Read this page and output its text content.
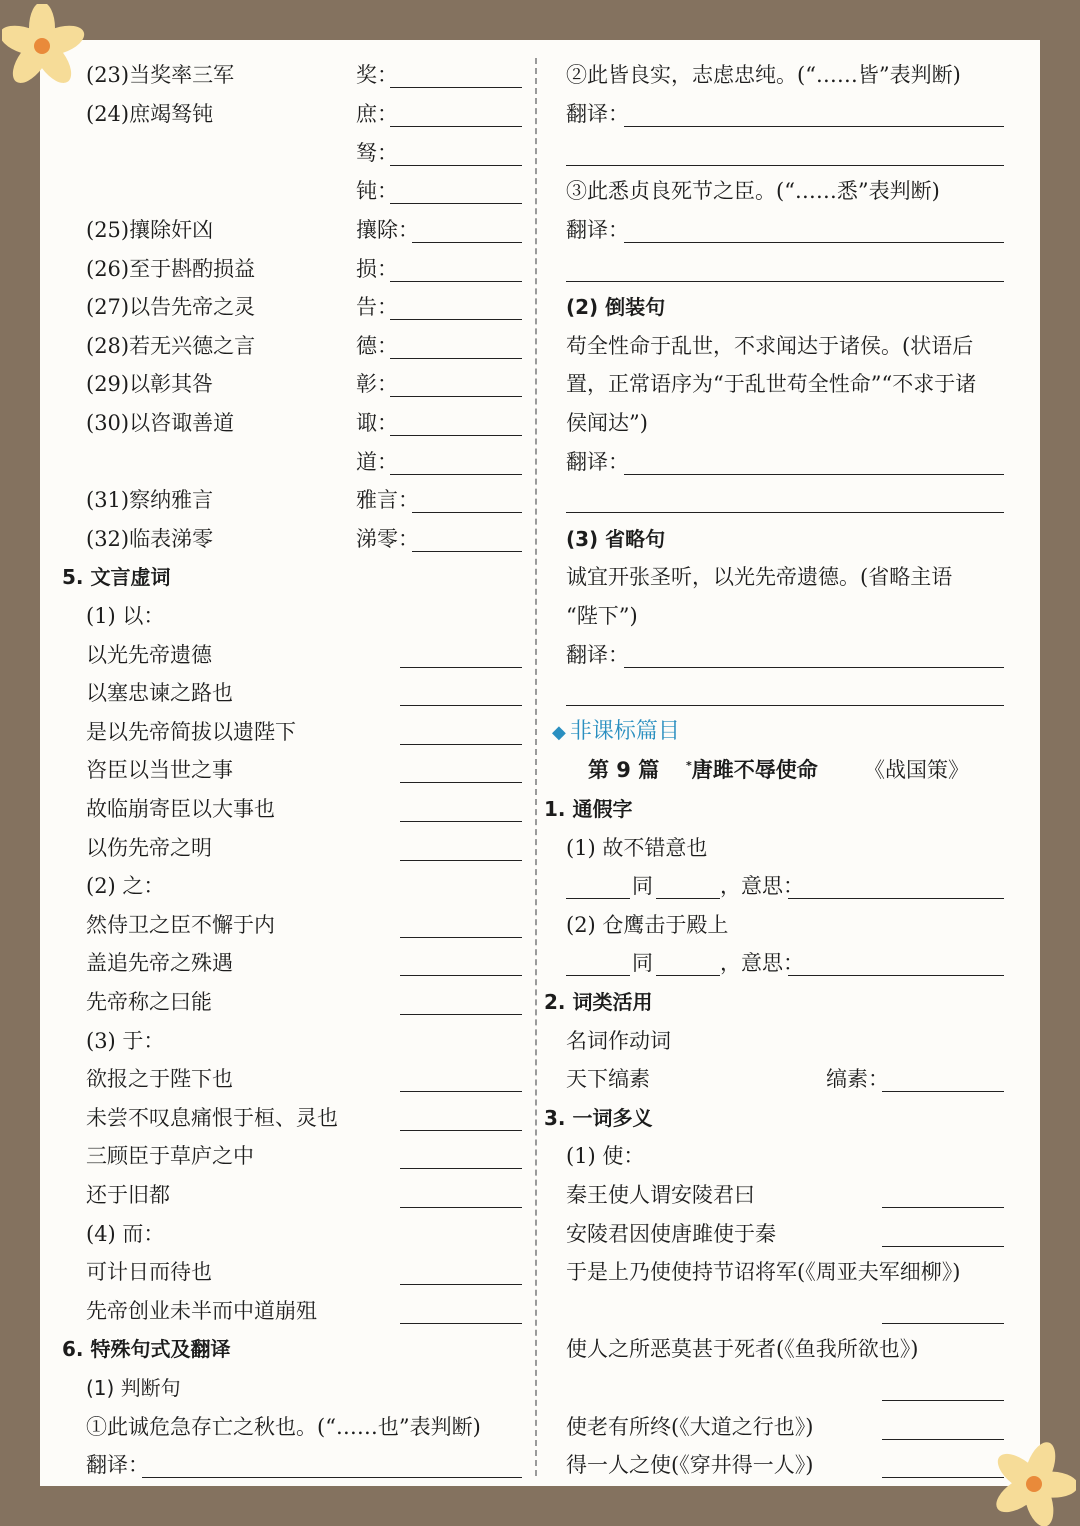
(23)当奖率三军	奖：
(24)庶竭驽钝	庶：
驽：
钝：
(25)攘除奸凶	攘除：
(26)至于斟酌损益	损：
(27)以告先帝之灵	告：
(28)若无兴德之言	德：
(29)以彰其咎	彰：
(30)以咨诹善道	诹：
道：
(31)察纳雅言	雅言：
(32)临表涕零	涕零：
5. 文言虚词
(1) 以：
以光先帝遗德
以塞忠谏之路也
是以先帝简拔以遗陛下
咨臣以当世之事
故临崩寄臣以大事也
以伤先帝之明
(2) 之：
然侍卫之臣不懈于内
盖追先帝之殊遇
先帝称之曰能
(3) 于：
欲报之于陛下也
未尝不叹息痛恨于桓、灵也
三顾臣于草庐之中
还于旧都
(4) 而：
可计日而待也
先帝创业未半而中道崩殂
6. 特殊句式及翻译
(1) 判断句
①此诚危急存亡之秋也。(“……也”表判断)
翻译：
②此皆良实，志虑忠纯。(“……皆”表判断)
翻译：
③此悉贞良死节之臣。(“……悉”表判断)
翻译：
(2) 倒装句
苟全性命于乱世，不求闻达于诸侯。(状语后
置，正常语序为“于乱世苟全性命”“不求于诸
侯闻达”)
翻译：
(3) 省略句
诚宜开张圣听，以光先帝遗德。(省略主语
“陛下”)
翻译：
◆ 非课标篇目
第 9 篇 *唐雎不辱使命 《战国策》
1. 通假字
(1) 故不错意也
同	，意思：
(2) 仓鹰击于殿上
同	，意思：
2. 词类活用
名词作动词
天下缟素	缟素：
3. 一词多义
(1) 使：
秦王使人谓安陵君曰
安陵君因使唐雎使于秦
于是上乃使使持节诏将军(《周亚夫军细柳》)
使人之所恶莫甚于死者(《鱼我所欲也》)
使老有所终(《大道之行也》)
得一人之使(《穿井得一人》)
